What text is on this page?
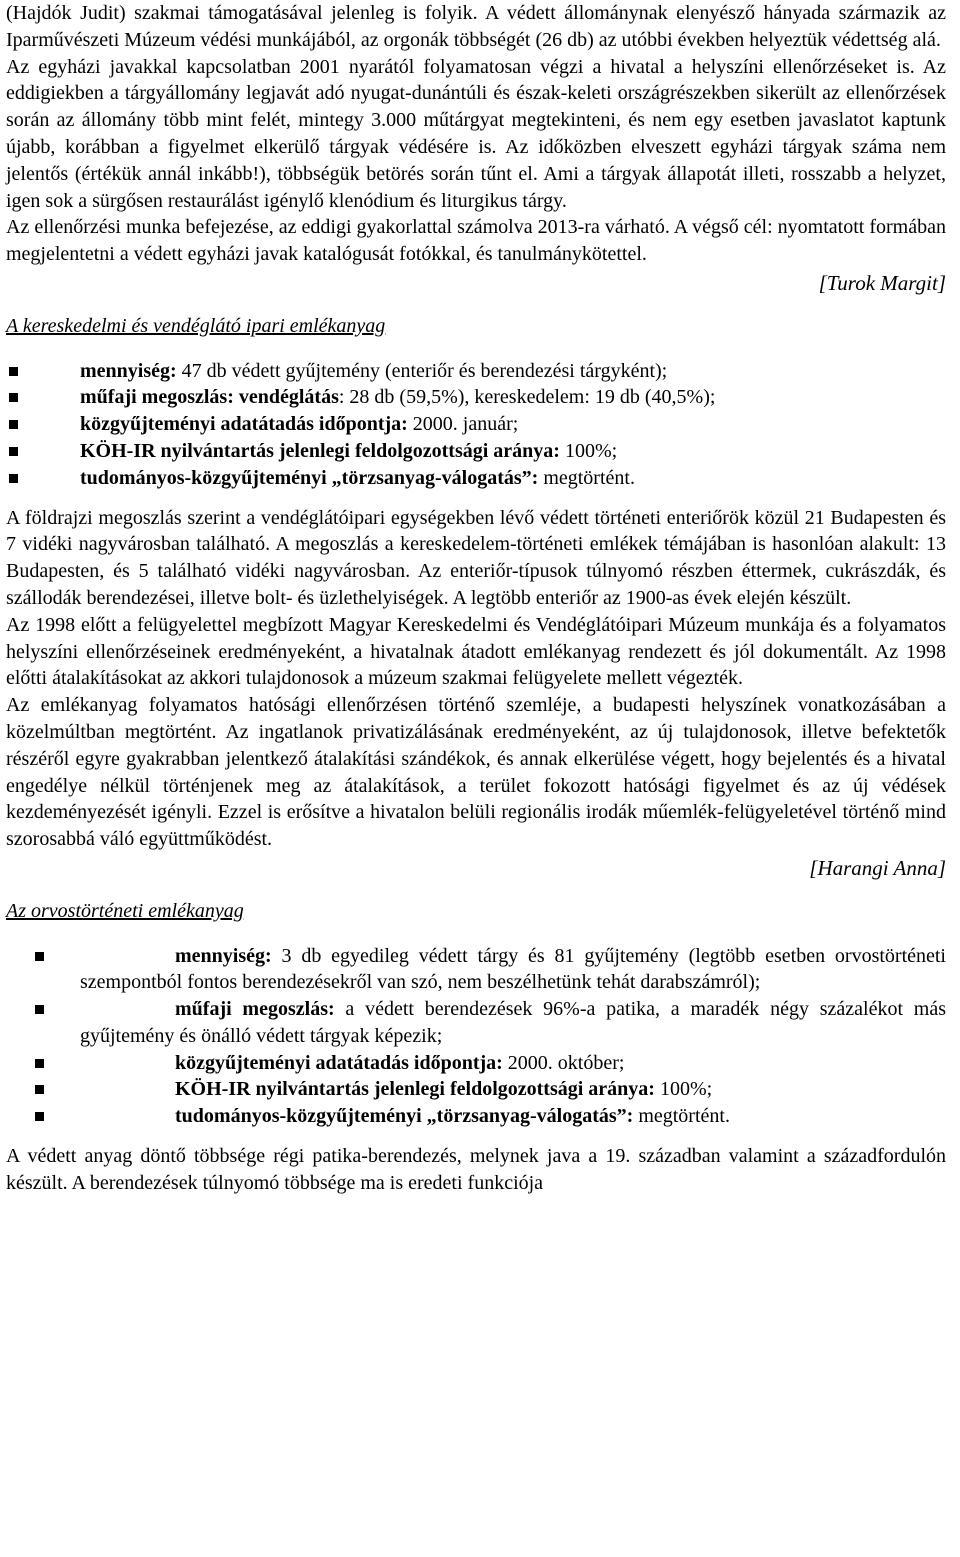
(Hajdók Judit) szakmai támogatásával jelenleg is folyik. A védett állománynak elenyésző hányada származik az Iparművészeti Múzeum védési munkájából, az orgonák többségét (26 db) az utóbbi években helyeztük védettség alá.

Az egyházi javakkal kapcsolatban 2001 nyarától folyamatosan végzi a hivatal a helyszíni ellenőrzéseket is. Az eddigiekben a tárgyállomány legjavát adó nyugat-dunántúli és észak-keleti országrészekben sikerült az ellenőrzések során az állomány több mint felét, mintegy 3.000 műtárgyat megtekinteni, és nem egy esetben javaslatot kaptunk újabb, korábban a figyelmet elkerülő tárgyak védésére is. Az időközben elveszett egyházi tárgyak száma nem jelentős (értékük annál inkább!), többségük betörés során tűnt el. Ami a tárgyak állapotát illeti, rosszabb a helyzet, igen sok a sürgősen restaurálást igénylő klenódium és liturgikus tárgy.

Az ellenőrzési munka befejezése, az eddigi gyakorlattal számolva 2013-ra várható. A végső cél: nyomtatott formában megjelentetni a védett egyházi javak katalógusát fotókkal, és tanulmánykötettel.

[Turok Margit]

A kereskedelmi és vendéglátó ipari emlékanyag

mennyiség: 47 db védett gyűjtemény (enteriőr és berendezési tárgyként);
műfaji megoszlás: vendéglátás: 28 db (59,5%), kereskedelem: 19 db (40,5%);
közgyűjteményi adatátadás időpontja: 2000. január;
KÖH-IR nyilvántartás jelenlegi feldolgozottsági aránya: 100%;
tudományos-közgyűjteményi „törzsanyag-válogatás”: megtörtént.

A földrajzi megoszlás szerint a vendéglátóipari egységekben lévő védett történeti enteriőrök közül 21 Budapesten és 7 vidéki nagyvárosban található. A megoszlás a kereskedelem-történeti emlékek témájában is hasonlóan alakult: 13 Budapesten, és 5 található vidéki nagyvárosban. Az enteriőr-típusok túlnyomó részben éttermek, cukrászdák, és szállodák berendezései, illetve bolt- és üzlethelyiségek. A legtöbb enteriőr az 1900-as évek elején készült.

Az 1998 előtt a felügyelettel megbízott Magyar Kereskedelmi és Vendéglátóipari Múzeum munkája és a folyamatos helyszíni ellenőrzéseinek eredményeként, a hivatalnak átadott emlékanyag rendezett és jól dokumentált. Az 1998 előtti átalakításokat az akkori tulajdonosok a múzeum szakmai felügyelete mellett végezték.

Az emlékanyag folyamatos hatósági ellenőrzésen történő szemléje, a budapesti helyszínek vonatkozásában a közelmúltban megtörtént. Az ingatlanok privatizálásának eredményeként, az új tulajdonosok, illetve befektetők részéről egyre gyakrabban jelentkező átalakítási szándékok, és annak elkerülése végett, hogy bejelentés és a hivatal engedélye nélkül történjenek meg az átalakítások, a terület fokozott hatósági figyelmet és az új védések kezdeményezését igényli. Ezzel is erősítve a hivatalon belüli regionális irodák műemlék-felügyeletével történő mind szorosabbá váló együttműködést.

[Harangi Anna]

Az orvostörténeti emlékanyag

mennyiség: 3 db egyedileg védett tárgy és 81 gyűjtemény (legtöbb esetben orvostörténeti szempontból fontos berendezésekről van szó, nem beszélhetünk tehát darabszámról);
műfaji megoszlás: a védett berendezések 96%-a patika, a maradék négy százalékot más gyűjtemény és önálló védett tárgyak képezik;
közgyűjteményi adatátadás időpontja: 2000. október;
KÖH-IR nyilvántartás jelenlegi feldolgozottsági aránya: 100%;
tudományos-közgyűjteményi „törzsanyag-válogatás”: megtörtént.

A védett anyag döntő többsége régi patika-berendezés, melynek java a 19. században valamint a századfordulón készült. A berendezések túlnyomó többsége ma is eredeti funkciója
